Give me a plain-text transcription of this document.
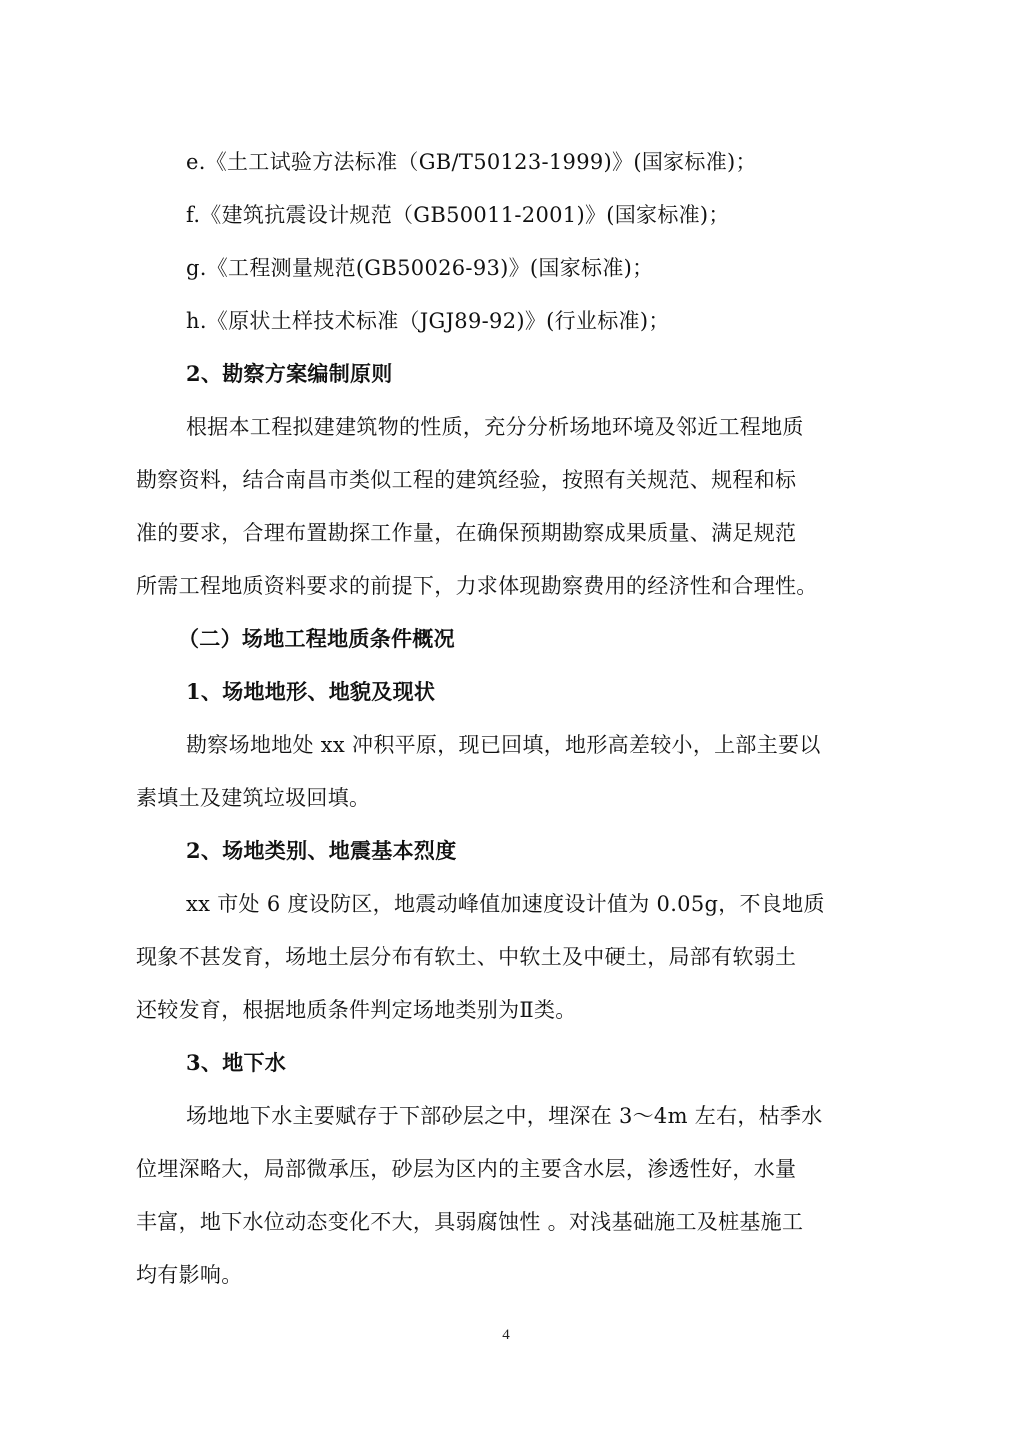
e.《土工试验方法标准（GB/T50123-1999)》(国家标准)；
f.《建筑抗震设计规范（GB50011-2001)》(国家标准)；
g.《工程测量规范(GB50026-93)》(国家标准)；
h.《原状土样技术标准（JGJ89-92)》(行业标准)；
2、勘察方案编制原则
根据本工程拟建建筑物的性质，充分分析场地环境及邻近工程地质
勘察资料，结合南昌市类似工程的建筑经验，按照有关规范、规程和标
准的要求，合理布置勘探工作量，在确保预期勘察成果质量、满足规范
所需工程地质资料要求的前提下，力求体现勘察费用的经济性和合理性。
（二）场地工程地质条件概况
1、场地地形、地貌及现状
勘察场地地处 xx 冲积平原，现已回填，地形高差较小，上部主要以
素填土及建筑垃圾回填。
2、场地类别、地震基本烈度
xx 市处 6 度设防区，地震动峰值加速度设计值为 0.05g，不良地质
现象不甚发育，场地土层分布有软土、中软土及中硬土，局部有软弱土
还较发育，根据地质条件判定场地类别为Ⅱ类。
3、地下水
场地地下水主要赋存于下部砂层之中，埋深在 3～4m 左右，枯季水
位埋深略大，局部微承压，砂层为区内的主要含水层，渗透性好，水量
丰富，地下水位动态变化不大，具弱腐蚀性 。对浅基础施工及桩基施工
均有影响。
4
